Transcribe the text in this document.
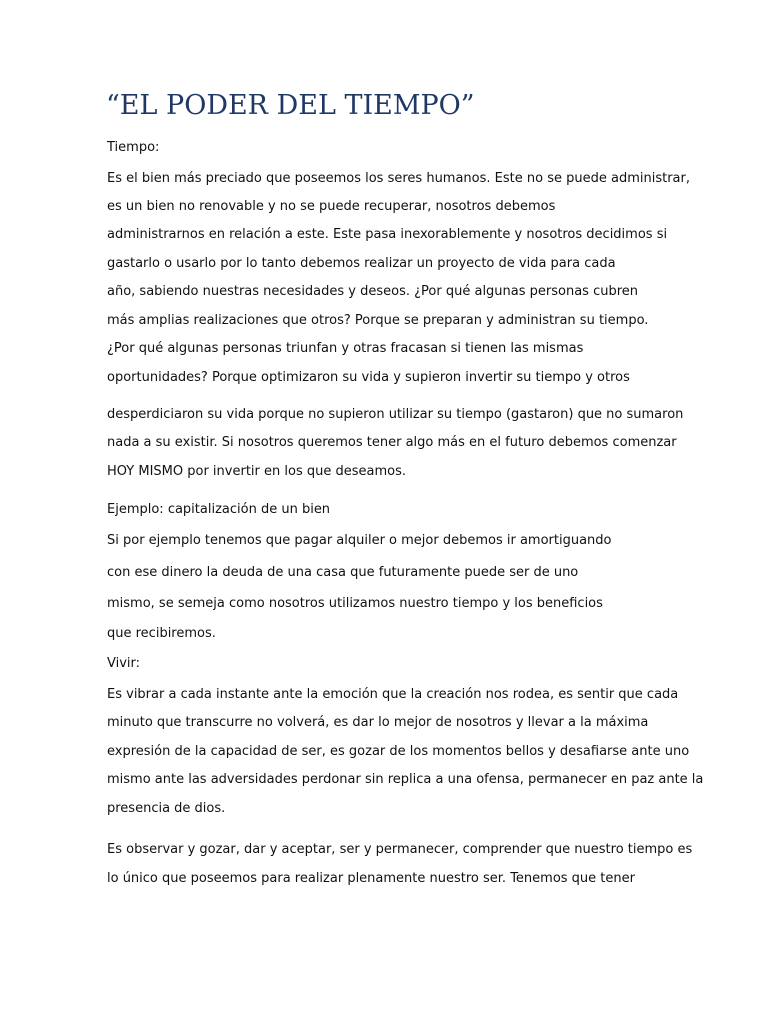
“EL PODER DEL TIEMPO”

Tiempo:

Es el bien más preciado que poseemos los seres humanos. Este no se puede administrar,

es un bien no renovable y no se puede recuperar, nosotros debemos

administrarnos en relación a este. Este pasa inexorablemente y nosotros decidimos si

gastarlo o usarlo por lo tanto debemos realizar un proyecto de vida para cada

año, sabiendo nuestras necesidades y deseos. ¿Por qué algunas personas cubren

más amplias realizaciones que otros? Porque se preparan y administran su tiempo.

¿Por qué algunas personas triunfan y otras fracasan si tienen las mismas

oportunidades? Porque optimizaron su vida y supieron invertir su tiempo y otros

desperdiciaron su vida porque no supieron utilizar su tiempo (gastaron) que no sumaron

nada a su existir. Si nosotros queremos tener algo más en el futuro debemos comenzar

HOY MISMO por invertir en los que deseamos.

Ejemplo: capitalización de un bien

Si por ejemplo tenemos que pagar alquiler o mejor debemos ir amortiguando

con ese dinero la deuda de una casa que futuramente puede ser de uno

mismo, se semeja como nosotros utilizamos nuestro tiempo y los beneficios

que recibiremos.

Vivir:

Es vibrar a cada instante ante la emoción que la creación nos rodea, es sentir que cada

minuto que transcurre no volverá, es dar lo mejor de nosotros y llevar a la máxima

expresión de la capacidad de ser, es gozar de los momentos bellos y desafiarse ante uno

mismo ante las adversidades perdonar sin replica a una ofensa, permanecer en paz ante la

presencia de dios.

Es observar y gozar, dar y aceptar, ser y permanecer, comprender que nuestro tiempo es

lo único que poseemos para realizar plenamente nuestro ser. Tenemos que tener
